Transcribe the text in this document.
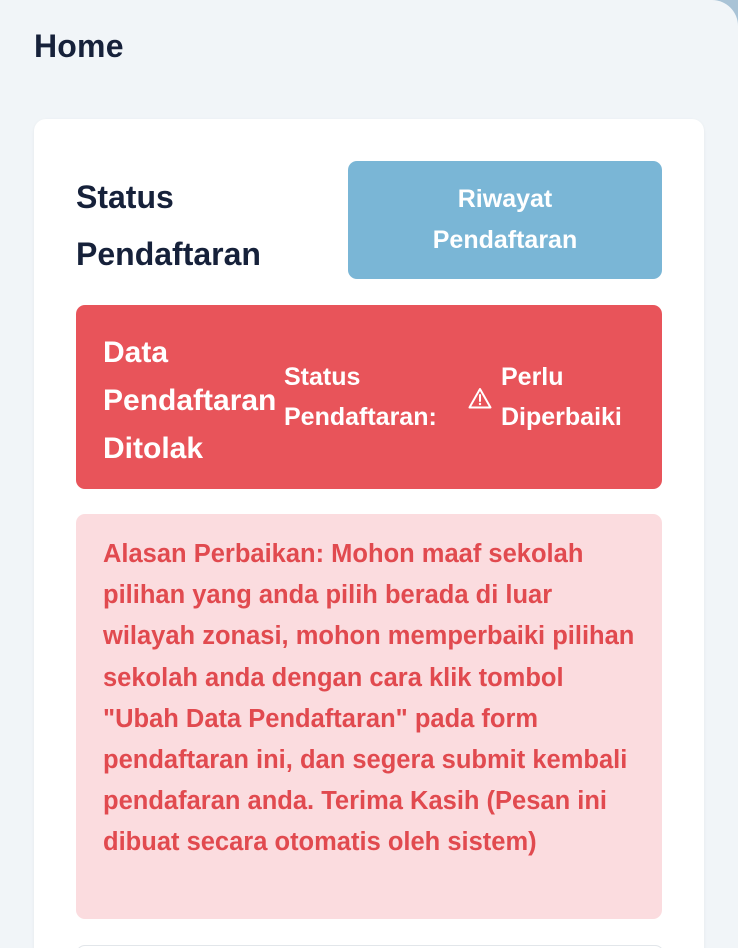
Home
Status Pendaftaran
Riwayat Pendaftaran
Data Pendaftaran Ditolak
Status Pendaftaran:
Perlu Diperbaiki

Alasan Perbaikan: Mohon maaf sekolah pilihan yang anda pilih berada di luar wilayah zonasi, mohon memperbaiki pilihan sekolah anda dengan cara klik tombol "Ubah Data Pendaftaran" pada form pendaftaran ini, dan segera submit kembali pendafaran anda. Terima Kasih (Pesan ini dibuat secara otomatis oleh sistem)
